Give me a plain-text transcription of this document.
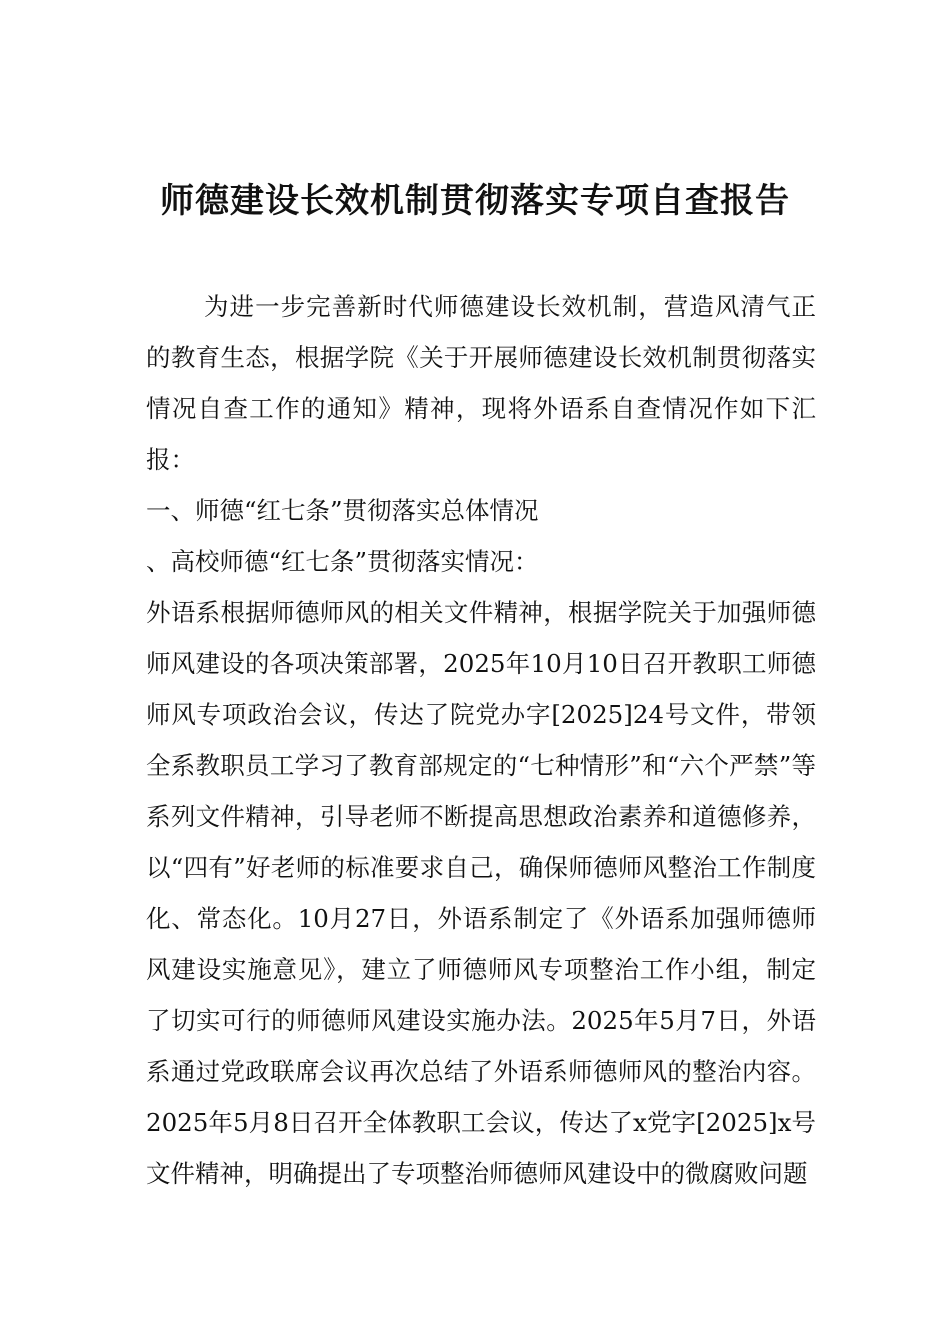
师德建设长效机制贯彻落实专项自查报告

为进一步完善新时代师德建设长效机制，营造风清气正的教育生态，根据学院《关于开展师德建设长效机制贯彻落实情况自查工作的通知》精神，现将外语系自查情况作如下汇报：

一、师德“红七条”贯彻落实总体情况

、高校师德“红七条”贯彻落实情况：

外语系根据师德师风的相关文件精神，根据学院关于加强师德师风建设的各项决策部署，2025年10月10日召开教职工师德师风专项政治会议，传达了院党办字[2025]24号文件，带领全系教职员工学习了教育部规定的“七种情形”和“六个严禁”等系列文件精神，引导老师不断提高思想政治素养和道德修养，以“四有”好老师的标准要求自己，确保师德师风整治工作制度化、常态化。10月27日，外语系制定了《外语系加强师德师风建设实施意见》，建立了师德师风专项整治工作小组，制定了切实可行的师德师风建设实施办法。2025年5月7日，外语系通过党政联席会议再次总结了外语系师德师风的整治内容。2025年5月8日召开全体教职工会议，传达了x党字[2025]x号文件精神，明确提出了专项整治师德师风建设中的微腐败问题
